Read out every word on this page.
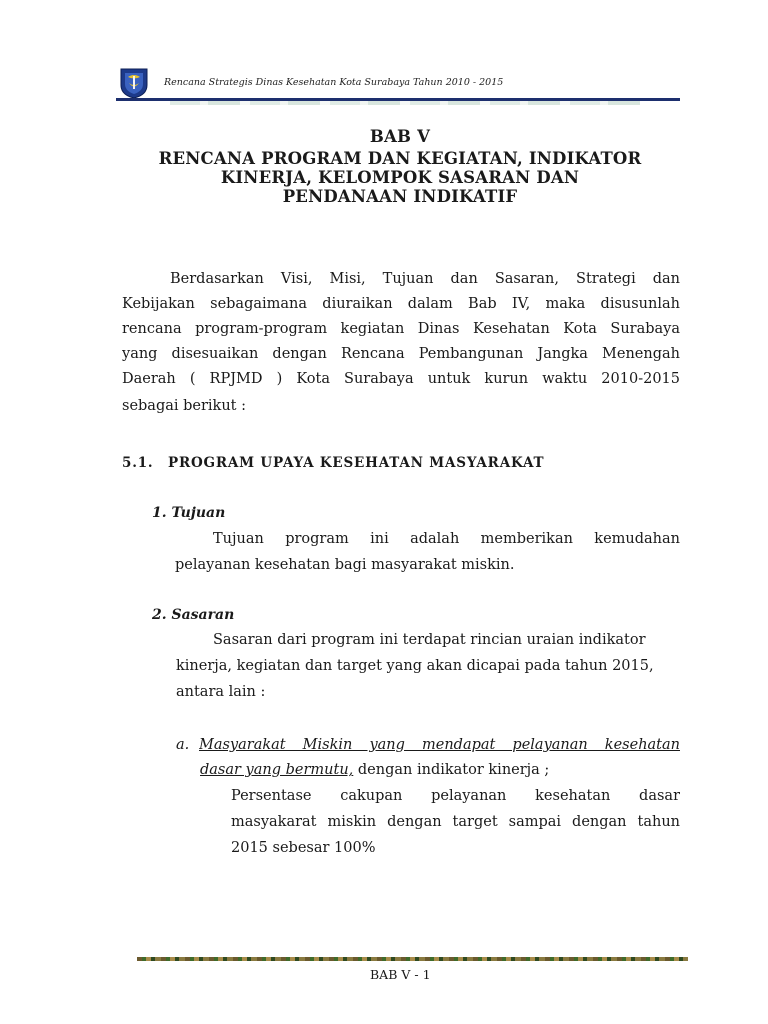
Rencana Strategis Dinas Kesehatan Kota Surabaya Tahun 2010 - 2015
BAB V
RENCANA PROGRAM DAN KEGIATAN, INDIKATOR
KINERJA, KELOMPOK SASARAN DAN
PENDANAAN INDIKATIF
Berdasarkan Visi, Misi, Tujuan dan Sasaran, Strategi dan
Kebijakan sebagaimana diuraikan dalam Bab IV, maka disusunlah
rencana program-program kegiatan Dinas Kesehatan Kota Surabaya
yang disesuaikan dengan Rencana Pembangunan Jangka Menengah
Daerah ( RPJMD ) Kota Surabaya untuk kurun waktu 2010-2015
sebagai berikut :
5.1. PROGRAM UPAYA KESEHATAN MASYARAKAT
1. Tujuan
Tujuan program ini adalah memberikan kemudahan
pelayanan kesehatan bagi masyarakat miskin.
2. Sasaran
Sasaran dari program ini terdapat rincian uraian indikator
kinerja, kegiatan dan target yang akan dicapai pada tahun 2015,
antara lain :
a. Masyarakat Miskin yang mendapat pelayanan kesehatan
dasar yang bermutu, dengan indikator kinerja ;
Persentase cakupan pelayanan kesehatan dasar
masyakarat miskin dengan target sampai dengan tahun
2015 sebesar 100%
BAB V - 1
